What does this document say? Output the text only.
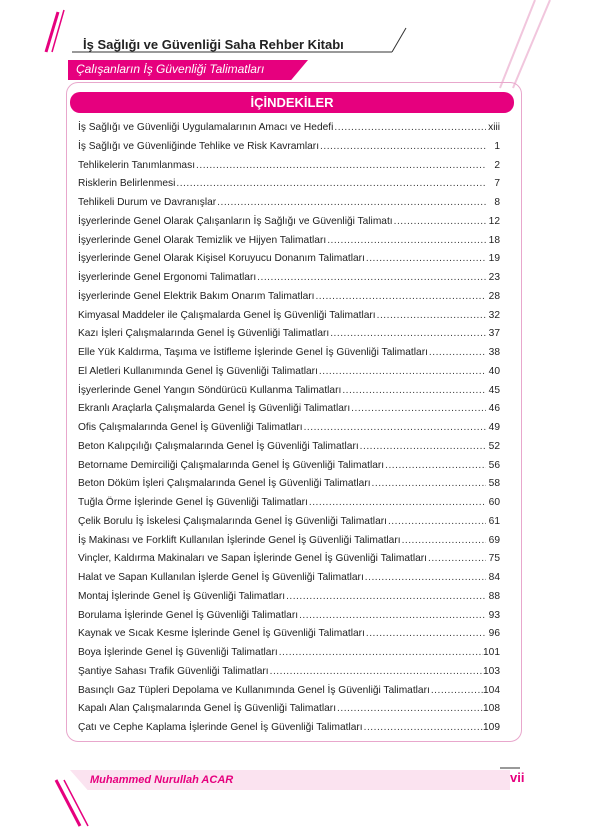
İş Sağlığı ve Güvenliği Saha Rehber Kitabı
Çalışanların İş Güvenliği Talimatları
İÇİNDEKİLER
İş Sağlığı ve Güvenliği Uygulamalarının Amacı ve Hedefi .....	xiii
İş Sağlığı ve Güvenliğinde Tehlike ve Risk Kavramları .....	1
Tehlikelerin Tanımlanması .....	2
Risklerin Belirlenmesi .....	7
Tehlikeli Durum ve Davranışlar .....	8
İşyerlerinde Genel Olarak Çalışanların İş Sağlığı ve Güvenliği Talimatı .....	12
İşyerlerinde Genel Olarak Temizlik ve Hijyen Talimatları .....	18
İşyerlerinde Genel Olarak Kişisel Koruyucu Donanım Talimatları .....	19
İşyerlerinde Genel Ergonomi Talimatları .....	23
İşyerlerinde Genel Elektrik Bakım Onarım Talimatları .....	28
Kimyasal Maddeler ile Çalışmalarda Genel İş Güvenliği Talimatları .....	32
Kazı İşleri Çalışmalarında Genel İş Güvenliği Talimatları .....	37
Elle Yük Kaldırma, Taşıma ve İstifleme İşlerinde Genel İş Güvenliği Talimatları .....	38
El Aletleri Kullanımında Genel İş Güvenliği Talimatları .....	40
İşyerlerinde Genel Yangın Söndürücü Kullanma Talimatları .....	45
Ekranlı Araçlarla Çalışmalarda Genel İş Güvenliği Talimatları .....	46
Ofis Çalışmalarında Genel İş Güvenliği Talimatları .....	49
Beton Kalıpçılığı Çalışmalarında Genel İş Güvenliği Talimatları .....	52
Betorname Demirciliği Çalışmalarında Genel İş Güvenliği Talimatları .....	56
Beton Döküm İşleri Çalışmalarında Genel İş Güvenliği Talimatları .....	58
Tuğla Örme İşlerinde Genel İş Güvenliği Talimatları .....	60
Çelik Borulu İş İskelesi Çalışmalarında Genel İş Güvenliği Talimatları .....	61
İş Makinası ve Forklift Kullanılan İşlerinde Genel İş Güvenliği Talimatları .....	69
Vinçler, Kaldırma Makinaları ve Sapan İşlerinde Genel İş Güvenliği Talimatları .....	75
Halat ve Sapan Kullanılan İşlerde Genel İş Güvenliği Talimatları .....	84
Montaj İşlerinde Genel İş Güvenliği Talimatları .....	88
Borulama İşlerinde Genel İş Güvenliği Talimatları .....	93
Kaynak ve Sıcak Kesme İşlerinde Genel İş Güvenliği Talimatları .....	96
Boya İşlerinde Genel İş Güvenliği Talimatları .....	101
Şantiye Sahası Trafik Güvenliği Talimatları .....	103
Basınçlı Gaz Tüpleri Depolama ve Kullanımında Genel İş Güvenliği Talimatları .....	104
Kapalı Alan Çalışmalarında Genel İş Güvenliği Talimatları .....	108
Çatı ve Cephe Kaplama İşlerinde Genel İş Güvenliği Talimatları .....	109
Muhammed Nurullah ACAR	vii
